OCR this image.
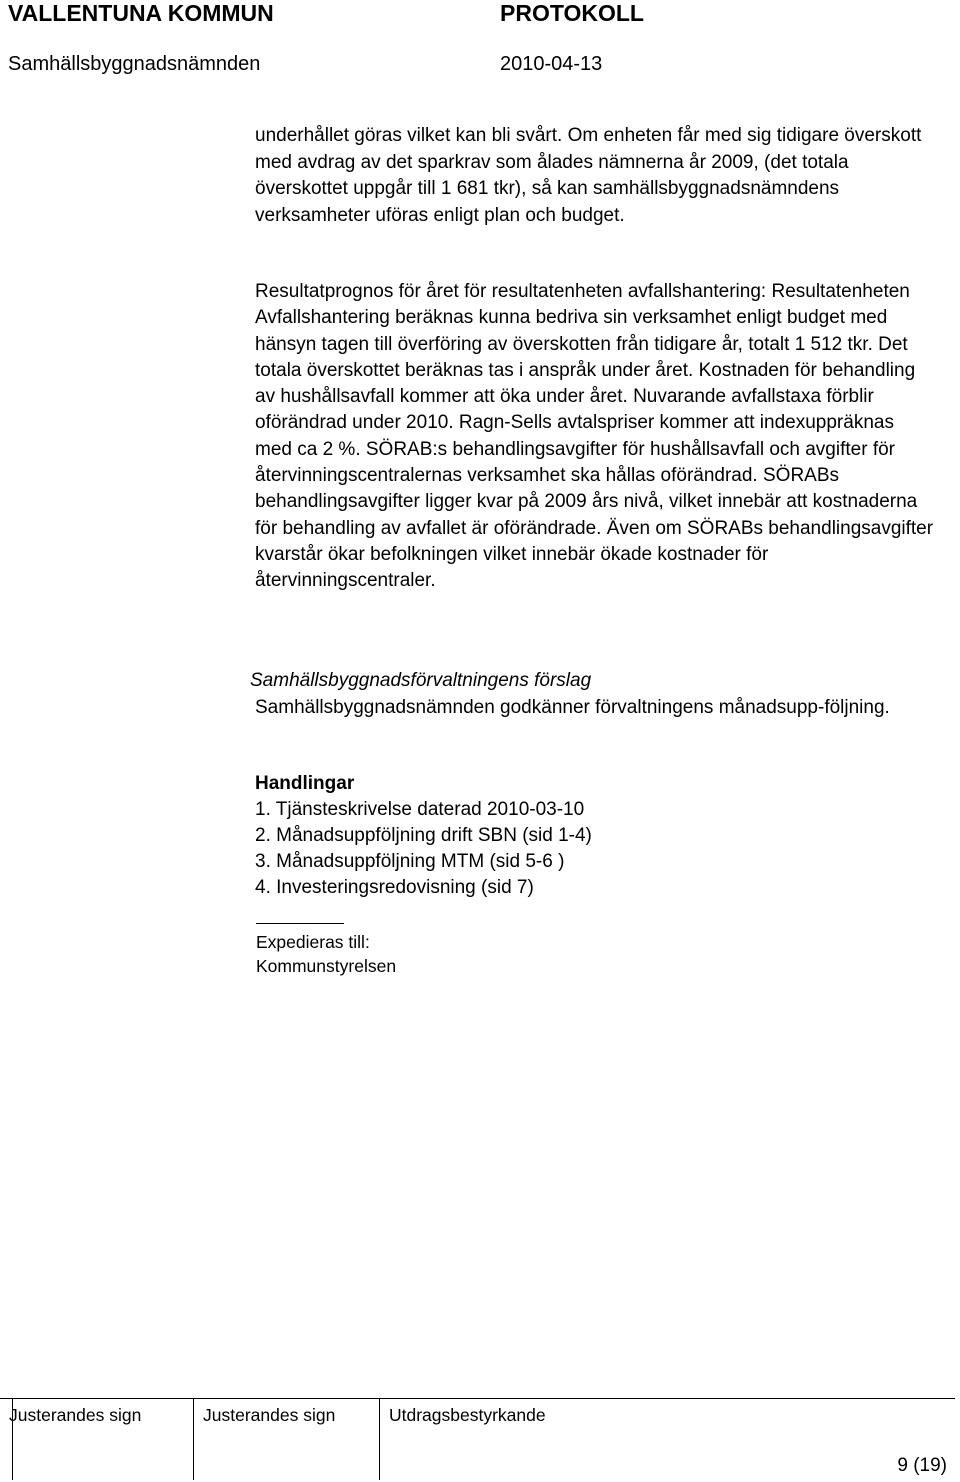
VALLENTUNA KOMMUN	PROTOKOLL
Samhällsbyggnadsnämnden	2010-04-13

underhållet göras vilket kan bli svårt. Om enheten får med sig tidigare överskott med avdrag av det sparkrav som ålades nämnerna år 2009, (det totala överskottet uppgår till 1 681 tkr), så kan samhällsbyggnadsnämndens verksamheter uföras enligt plan och budget.

Resultatprognos för året för resultatenheten avfallshantering: Resultatenheten Avfallshantering beräknas kunna bedriva sin verksamhet enligt budget med hänsyn tagen till överföring av överskotten från tidigare år, totalt 1 512 tkr. Det totala överskottet beräknas tas i anspråk under året. Kostnaden för behandling av hushållsavfall kommer att öka under året. Nuvarande avfallstaxa förblir oförändrad under 2010. Ragn-Sells avtalspriser kommer att indexuppräknas med ca 2 %. SÖRAB:s behandlingsavgifter för hushållsavfall och avgifter för återvinningscentralernas verksamhet ska hållas oförändrad. SÖRABs behandlingsavgifter ligger kvar på 2009 års nivå, vilket innebär att kostnaderna för behandling av avfallet är oförändrade. Även om SÖRABs behandlingsavgifter kvarstår ökar befolkningen vilket innebär ökade kostnader för återvinningscentraler.

Samhällsbyggnadsförvaltningens förslag
Samhällsbyggnadsnämnden godkänner förvaltningens månadsupp-följning.
Handlingar
1. Tjänsteskrivelse daterad 2010-03-10
2. Månadsuppföljning drift SBN (sid 1-4)
3. Månadsuppföljning MTM (sid 5-6 )
4. Investeringsredovisning (sid 7)
Expedieras till:
Kommunstyrelsen
Justerandes sign	Justerandes sign	Utdragsbestyrkande
9 (19)
